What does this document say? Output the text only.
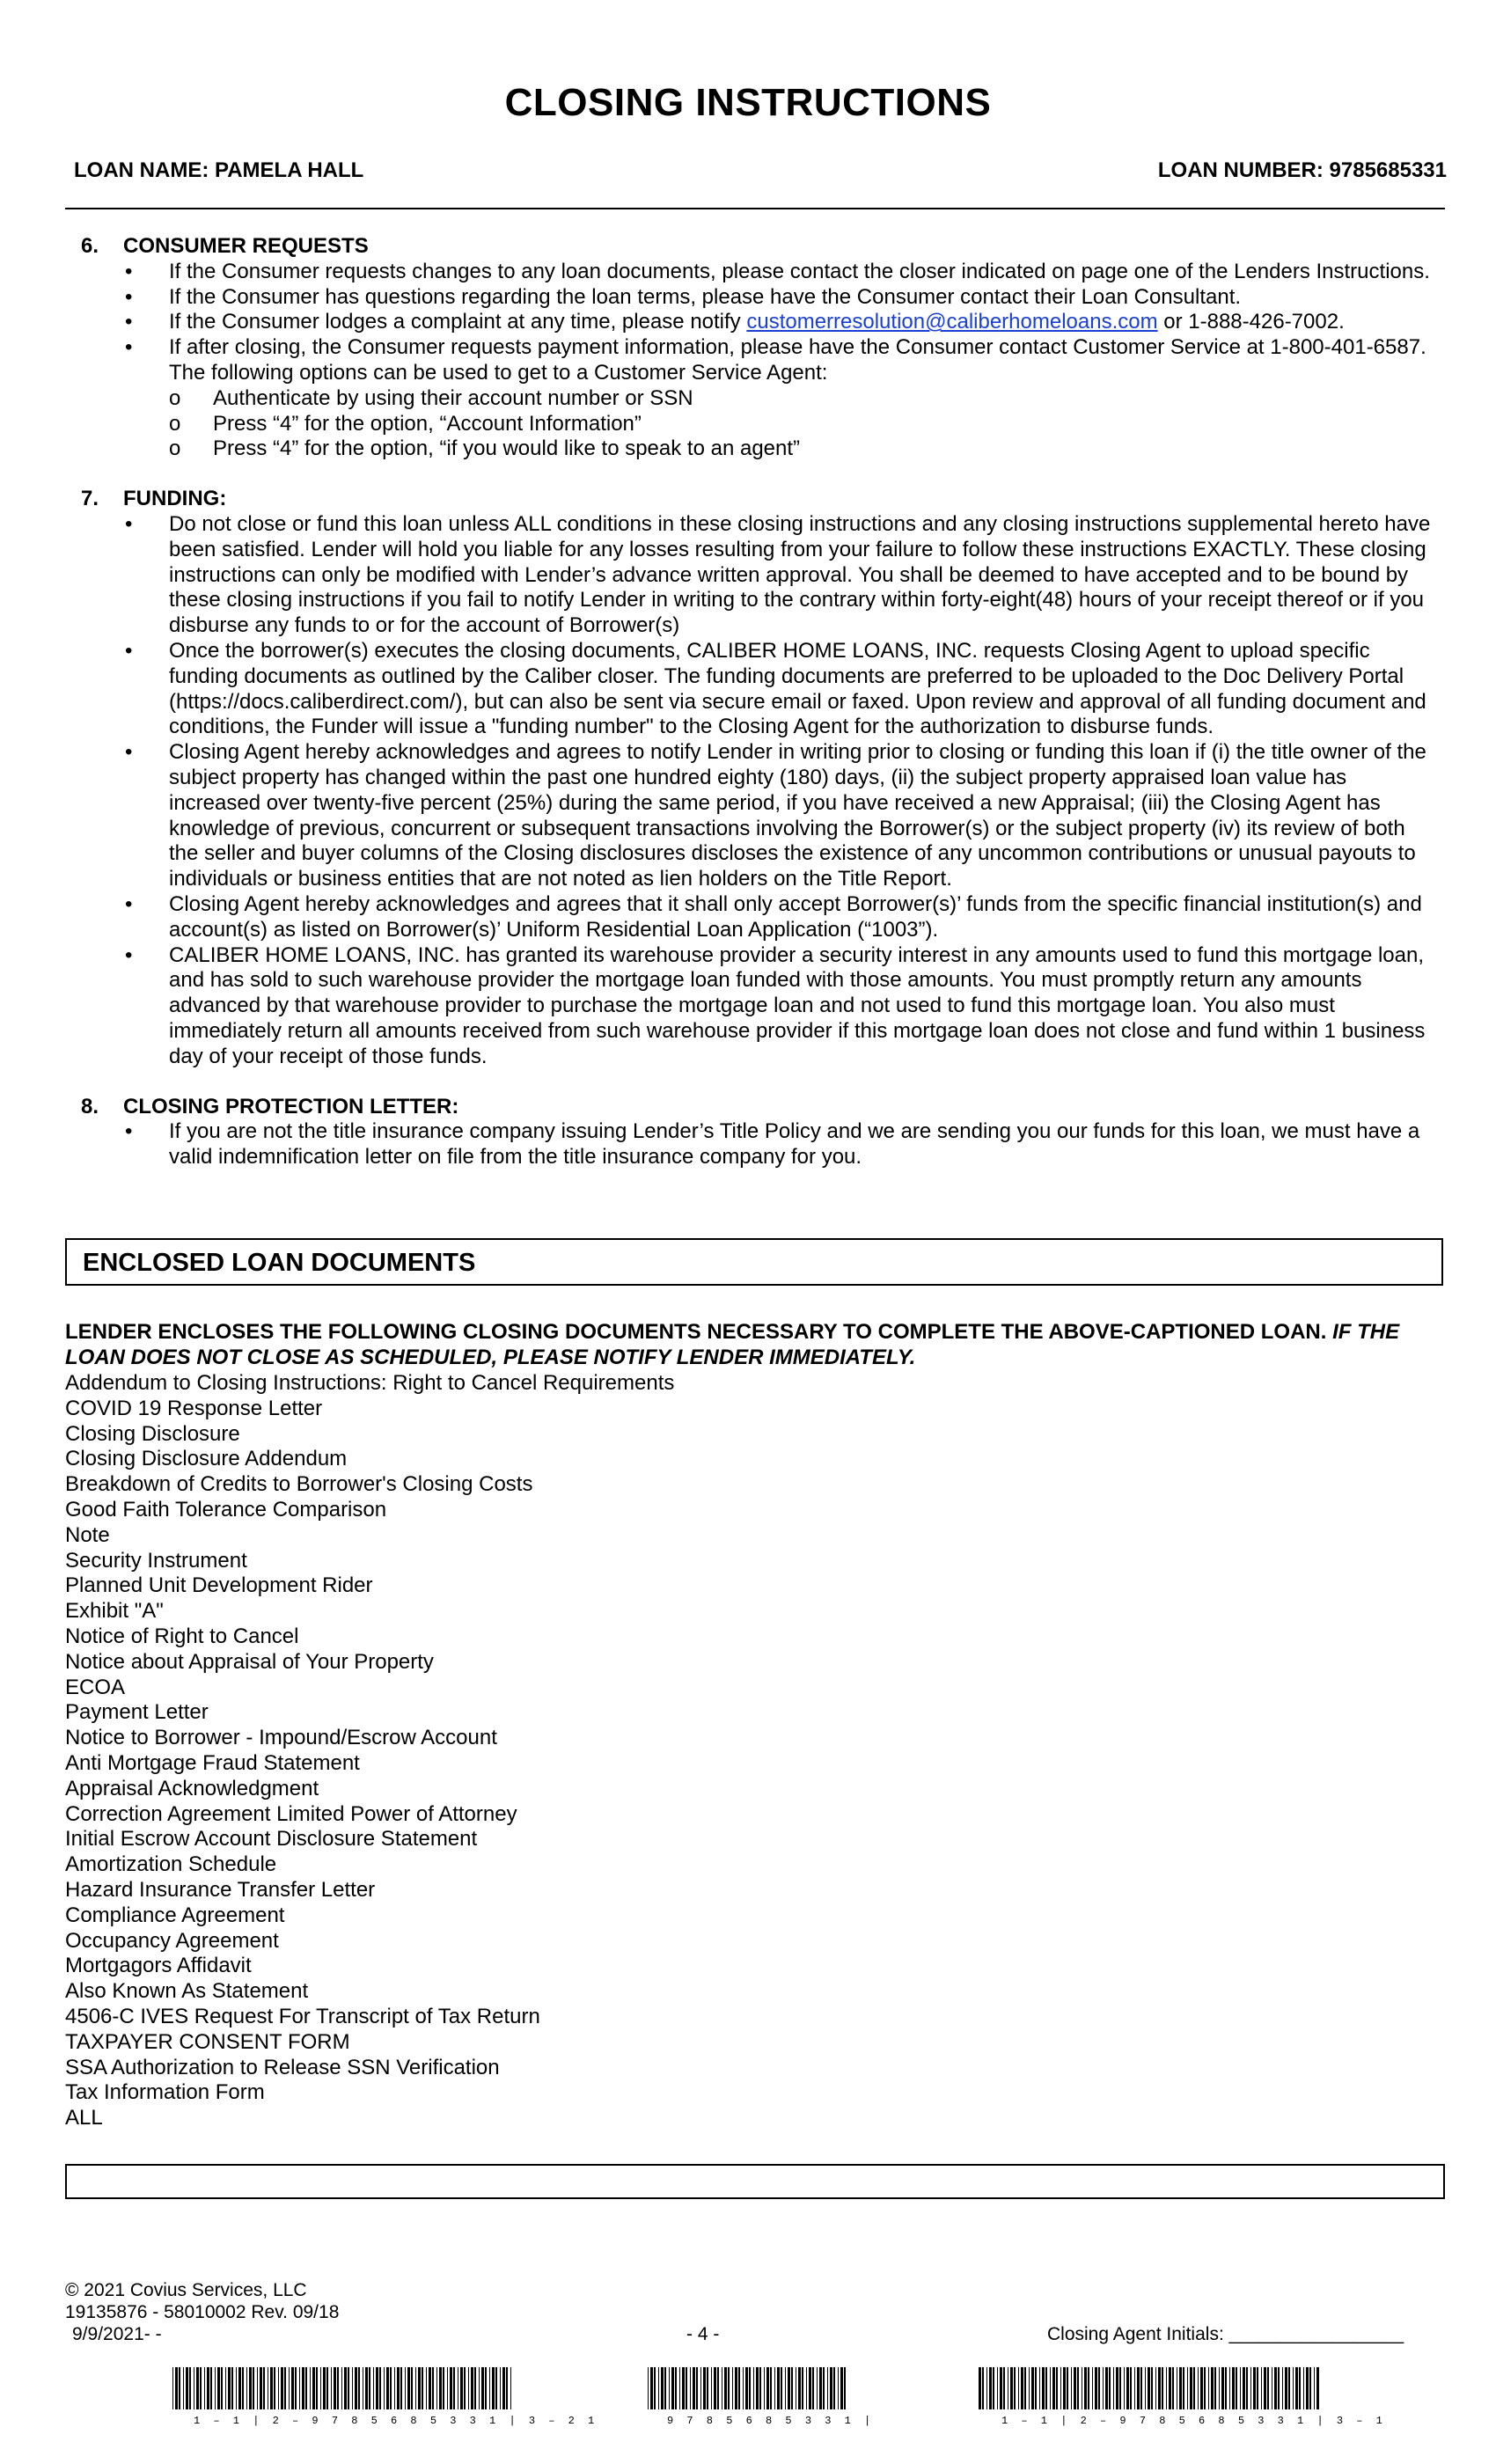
CLOSING INSTRUCTIONS
LOAN NAME: PAMELA HALL	LOAN NUMBER: 9785685331
6. CONSUMER REQUESTS
• If the Consumer requests changes to any loan documents, please contact the closer indicated on page one of the Lenders Instructions.
• If the Consumer has questions regarding the loan terms, please have the Consumer contact their Loan Consultant.
• If the Consumer lodges a complaint at any time, please notify customerresolution@caliberhomeloans.com or 1-888-426-7002.
• If after closing, the Consumer requests payment information, please have the Consumer contact Customer Service at 1-800-401-6587. The following options can be used to get to a Customer Service Agent:
o Authenticate by using their account number or SSN
o Press “4” for the option, “Account Information”
o Press “4” for the option, “if you would like to speak to an agent”
7. FUNDING:
• Do not close or fund this loan unless ALL conditions in these closing instructions and any closing instructions supplemental hereto have been satisfied. Lender will hold you liable for any losses resulting from your failure to follow these instructions EXACTLY. These closing instructions can only be modified with Lender’s advance written approval. You shall be deemed to have accepted and to be bound by these closing instructions if you fail to notify Lender in writing to the contrary within forty-eight(48) hours of your receipt thereof or if you disburse any funds to or for the account of Borrower(s)
• Once the borrower(s) executes the closing documents, CALIBER HOME LOANS, INC. requests Closing Agent to upload specific funding documents as outlined by the Caliber closer. The funding documents are preferred to be uploaded to the Doc Delivery Portal (https://docs.caliberdirect.com/), but can also be sent via secure email or faxed. Upon review and approval of all funding document and conditions, the Funder will issue a "funding number" to the Closing Agent for the authorization to disburse funds.
• Closing Agent hereby acknowledges and agrees to notify Lender in writing prior to closing or funding this loan if (i) the title owner of the subject property has changed within the past one hundred eighty (180) days, (ii) the subject property appraised loan value has increased over twenty-five percent (25%) during the same period, if you have received a new Appraisal; (iii) the Closing Agent has knowledge of previous, concurrent or subsequent transactions involving the Borrower(s) or the subject property (iv) its review of both the seller and buyer columns of the Closing disclosures discloses the existence of any uncommon contributions or unusual payouts to individuals or business entities that are not noted as lien holders on the Title Report.
• Closing Agent hereby acknowledges and agrees that it shall only accept Borrower(s)’ funds from the specific financial institution(s) and account(s) as listed on Borrower(s)’ Uniform Residential Loan Application (“1003”).
• CALIBER HOME LOANS, INC. has granted its warehouse provider a security interest in any amounts used to fund this mortgage loan, and has sold to such warehouse provider the mortgage loan funded with those amounts. You must promptly return any amounts advanced by that warehouse provider to purchase the mortgage loan and not used to fund this mortgage loan. You also must immediately return all amounts received from such warehouse provider if this mortgage loan does not close and fund within 1 business day of your receipt of those funds.
8. CLOSING PROTECTION LETTER:
• If you are not the title insurance company issuing Lender’s Title Policy and we are sending you our funds for this loan, we must have a valid indemnification letter on file from the title insurance company for you.
ENCLOSED LOAN DOCUMENTS
LENDER ENCLOSES THE FOLLOWING CLOSING DOCUMENTS NECESSARY TO COMPLETE THE ABOVE-CAPTIONED LOAN. IF THE LOAN DOES NOT CLOSE AS SCHEDULED, PLEASE NOTIFY LENDER IMMEDIATELY.
Addendum to Closing Instructions: Right to Cancel Requirements
COVID 19 Response Letter
Closing Disclosure
Closing Disclosure Addendum
Breakdown of Credits to Borrower's Closing Costs
Good Faith Tolerance Comparison
Note
Security Instrument
Planned Unit Development Rider
Exhibit "A"
Notice of Right to Cancel
Notice about Appraisal of Your Property
ECOA
Payment Letter
Notice to Borrower - Impound/Escrow Account
Anti Mortgage Fraud Statement
Appraisal Acknowledgment
Correction Agreement Limited Power of Attorney
Initial Escrow Account Disclosure Statement
Amortization Schedule
Hazard Insurance Transfer Letter
Compliance Agreement
Occupancy Agreement
Mortgagors Affidavit
Also Known As Statement
4506-C IVES Request For Transcript of Tax Return
TAXPAYER CONSENT FORM
SSA Authorization to Release SSN Verification
Tax Information Form
ALL
© 2021 Covius Services, LLC
19135876 - 58010002 Rev. 09/18
9/9/2021- -	- 4 -	Closing Agent Initials: _________________
1 – 1 | 2 – 9 7 8 5 6 8 5 3 3 1 | 3 – 2 1	9 7 8 5 6 8 5 3 3 1 |	1 – 1 | 2 – 9 7 8 5 6 8 5 3 3 1 | 3 – 1
